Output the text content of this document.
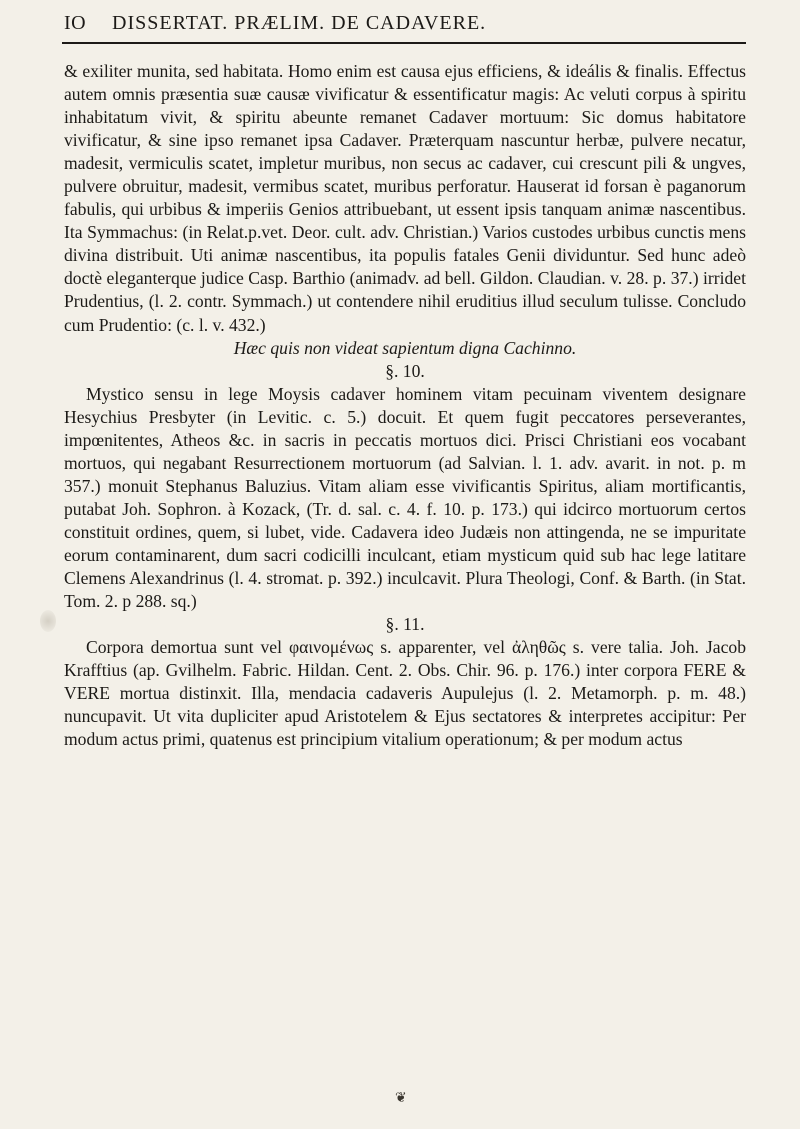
IO DISSERTAT. PRÆLIM. DE CADAVERE.

& exiliter munita, sed habitata. Homo enim est causa ejus efficiens, & ideális & finalis. Effectus autem omnis præsentia suæ causæ vivificatur & essentificatur magis: Ac veluti corpus à spiritu inhabitatum vivit, & spiritu abeunte remanet Cadaver mortuum: Sic domus habitatore vivificatur, & sine ipso remanet ipsa Cadaver. Præterquam nascuntur herbæ, pulvere necatur, madesit, vermiculis scatet, impletur muribus, non secus ac cadaver, cui crescunt pili & ungves, pulvere obruitur, madesit, vermibus scatet, muribus perforatur. Hauserat id forsan è paganorum fabulis, qui urbibus & imperiis Genios attribuebant, ut essent ipsis tanquam animæ nascentibus. Ita Symmachus: (in Relat.p.vet. Deor. cult. adv. Christian.) Varios custodes urbibus cunctis mens divina distribuit. Uti animæ nascentibus, ita populis fatales Genii dividuntur. Sed hunc adeò doctè eleganterque judice Casp. Barthio (animadv. ad bell. Gildon. Claudian. v. 28. p. 37.) irridet Prudentius, (l. 2. contr. Symmach.) ut contendere nihil eruditius illud seculum tulisse. Concludo cum Prudentio: (c. l. v. 432.)

Hæc quis non videat sapientum digna Cachinno.

§. 10.

Mystico sensu in lege Moysis cadaver hominem vitam pecuinam viventem designare Hesychius Presbyter (in Levitic. c. 5.) docuit. Et quem fugit peccatores perseverantes, impœnitentes, Atheos &c. in sacris in peccatis mortuos dici. Prisci Christiani eos vocabant mortuos, qui negabant Resurrectionem mortuorum (ad Salvian. l. 1. adv. avarit. in not. p. m 357.) monuit Stephanus Baluzius. Vitam aliam esse vivificantis Spiritus, aliam mortificantis, putabat Joh. Sophron. à Kozack, (Tr. d. sal. c. 4. f. 10. p. 173.) qui idcirco mortuorum certos constituit ordines, quem, si lubet, vide. Cadavera ideo Judæis non attingenda, ne se impuritate eorum contaminarent, dum sacri codicilli inculcant, etiam mysticum quid sub hac lege latitare Clemens Alexandrinus (l. 4. stromat. p. 392.) inculcavit. Plura Theologi, Conf. & Barth. (in Stat. Tom. 2. p 288. sq.)

§. 11.

Corpora demortua sunt vel φαινομένως s. apparenter, vel ἀληθῶς s. vere talia. Joh. Jacob Krafftius (ap. Gvilhelm. Fabric. Hildan. Cent. 2. Obs. Chir. 96. p. 176.) inter corpora FERE & VERE mortua distinxit. Illa, mendacia cadaveris Aupulejus (l. 2. Metamorph. p. m. 48.) nuncupavit. Ut vita dupliciter apud Aristotelem & Ejus sectatores & interpretes accipitur: Per modum actus primi, quatenus est principium vitalium operationum; & per modum actus

❦
